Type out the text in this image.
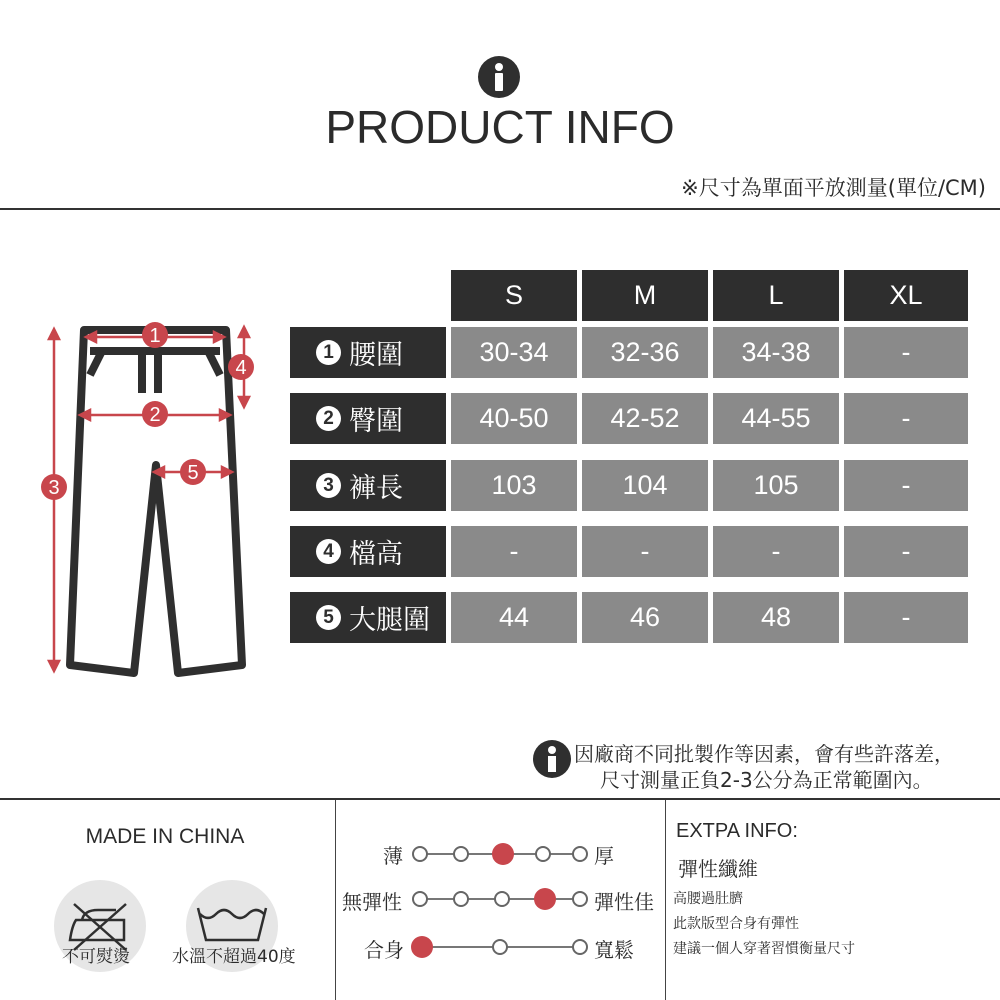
PRODUCT INFO
※尺寸為單面平放測量(單位/CM)
1
2
3
4
5
S	M	L	XL
1 腰圍	30-34	32-36	34-38	-
2 臀圍	40-50	42-52	44-55	-
3 褲長	103	104	105	-
4 檔高	-	-	-	-
5 大腿圍	44	46	48	-
因廠商不同批製作等因素，會有些許落差，
尺寸測量正負2-3公分為正常範圍內。
MADE IN CHINA
不可熨燙 水溫不超過40度
薄	厚
無彈性	彈性佳
合身	寬鬆
EXTPA INFO:
彈性纖維
高腰過肚臍
此款版型合身有彈性
建議一個人穿著習慣衡量尺寸
